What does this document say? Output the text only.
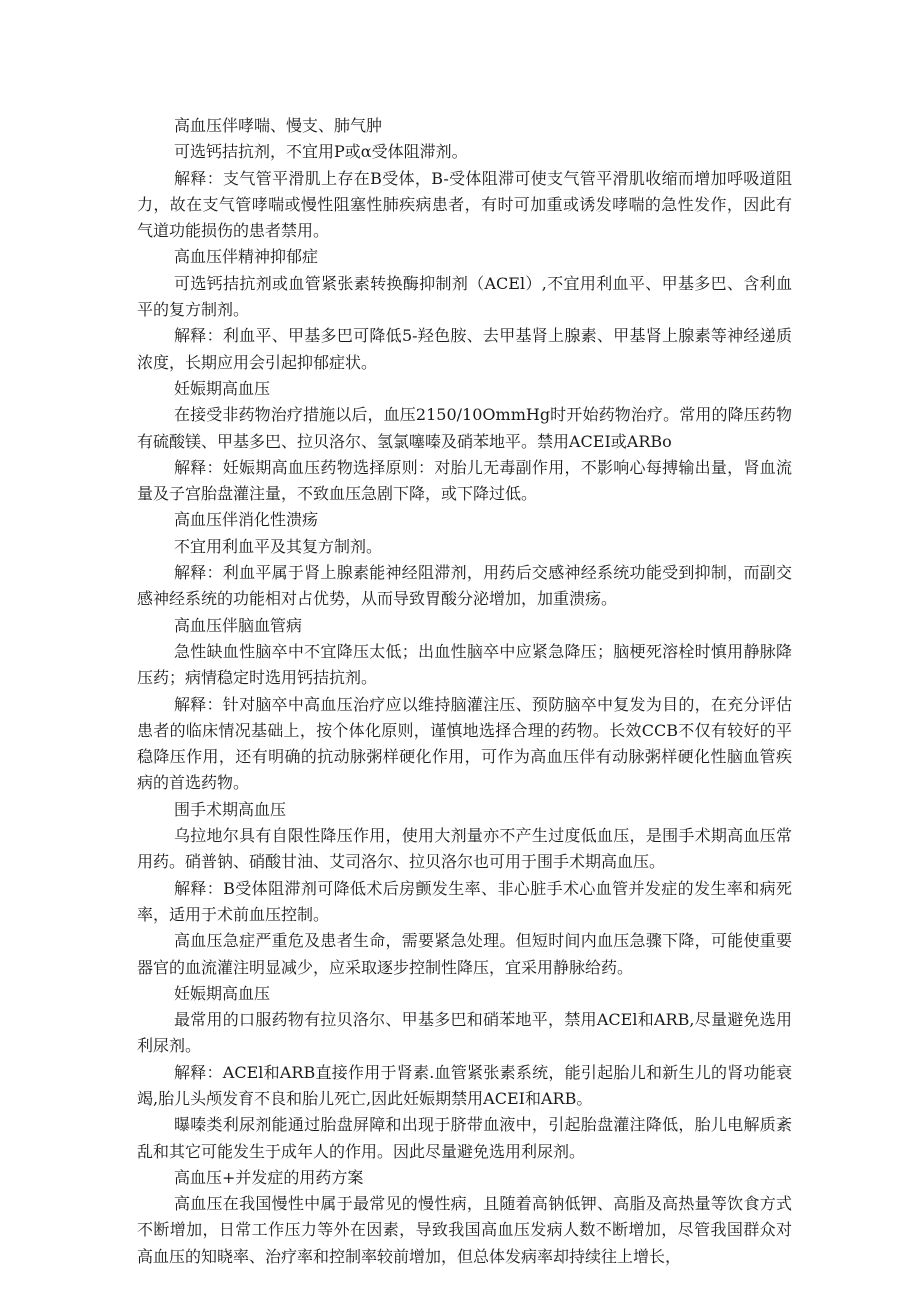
高血压伴哮喘、慢支、肺气肿

可选钙拮抗剂，不宜用P或α受体阻滞剂。

解释：支气管平滑肌上存在B受体，B-受体阻滞可使支气管平滑肌收缩而增加呼吸道阻力，故在支气管哮喘或慢性阻塞性肺疾病患者，有时可加重或诱发哮喘的急性发作，因此有气道功能损伤的患者禁用。

高血压伴精神抑郁症

可选钙拮抗剂或血管紧张素转换酶抑制剂（ACEl）,不宜用利血平、甲基多巴、含利血平的复方制剂。

解释：利血平、甲基多巴可降低5-羟色胺、去甲基肾上腺素、甲基肾上腺素等神经递质浓度，长期应用会引起抑郁症状。

妊娠期高血压

在接受非药物治疗措施以后，血压2150/10OmmHg时开始药物治疗。常用的降压药物有硫酸镁、甲基多巴、拉贝洛尔、氢氯噻嗪及硝苯地平。禁用ACEI或ARBo

解释：妊娠期高血压药物选择原则：对胎儿无毒副作用，不影响心每搏输出量，肾血流量及子宫胎盘灌注量，不致血压急剧下降，或下降过低。

高血压伴消化性溃疡

不宜用利血平及其复方制剂。

解释：利血平属于肾上腺素能神经阻滞剂，用药后交感神经系统功能受到抑制，而副交感神经系统的功能相对占优势，从而导致胃酸分泌增加，加重溃疡。

高血压伴脑血管病

急性缺血性脑卒中不宜降压太低；出血性脑卒中应紧急降压；脑梗死溶栓时慎用静脉降压药；病情稳定时选用钙拮抗剂。

解释：针对脑卒中高血压治疗应以维持脑灌注压、预防脑卒中复发为目的，在充分评估患者的临床情况基础上，按个体化原则，谨慎地选择合理的药物。长效CCB不仅有较好的平稳降压作用，还有明确的抗动脉粥样硬化作用，可作为高血压伴有动脉粥样硬化性脑血管疾病的首选药物。

围手术期高血压

乌拉地尔具有自限性降压作用，使用大剂量亦不产生过度低血压，是围手术期高血压常用药。硝普钠、硝酸甘油、艾司洛尔、拉贝洛尔也可用于围手术期高血压。

解释：B受体阻滞剂可降低术后房颤发生率、非心脏手术心血管并发症的发生率和病死率，适用于术前血压控制。

高血压急症严重危及患者生命，需要紧急处理。但短时间内血压急骤下降，可能使重要器官的血流灌注明显减少，应采取逐步控制性降压，宜采用静脉给药。

妊娠期高血压

最常用的口服药物有拉贝洛尔、甲基多巴和硝苯地平，禁用ACEl和ARB,尽量避免选用利尿剂。

解释：ACEl和ARB直接作用于肾素.血管紧张素系统，能引起胎儿和新生儿的肾功能衰竭,胎儿头颅发育不良和胎儿死亡,因此妊娠期禁用ACEI和ARB。

曝嗪类利尿剂能通过胎盘屏障和出现于脐带血液中，引起胎盘灌注降低，胎儿电解质紊乱和其它可能发生于成年人的作用。因此尽量避免选用利尿剂。

高血压+并发症的用药方案

高血压在我国慢性中属于最常见的慢性病，且随着高钠低钾、高脂及高热量等饮食方式不断增加，日常工作压力等外在因素，导致我国高血压发病人数不断增加，尽管我国群众对高血压的知晓率、治疗率和控制率较前增加，但总体发病率却持续往上增长，
